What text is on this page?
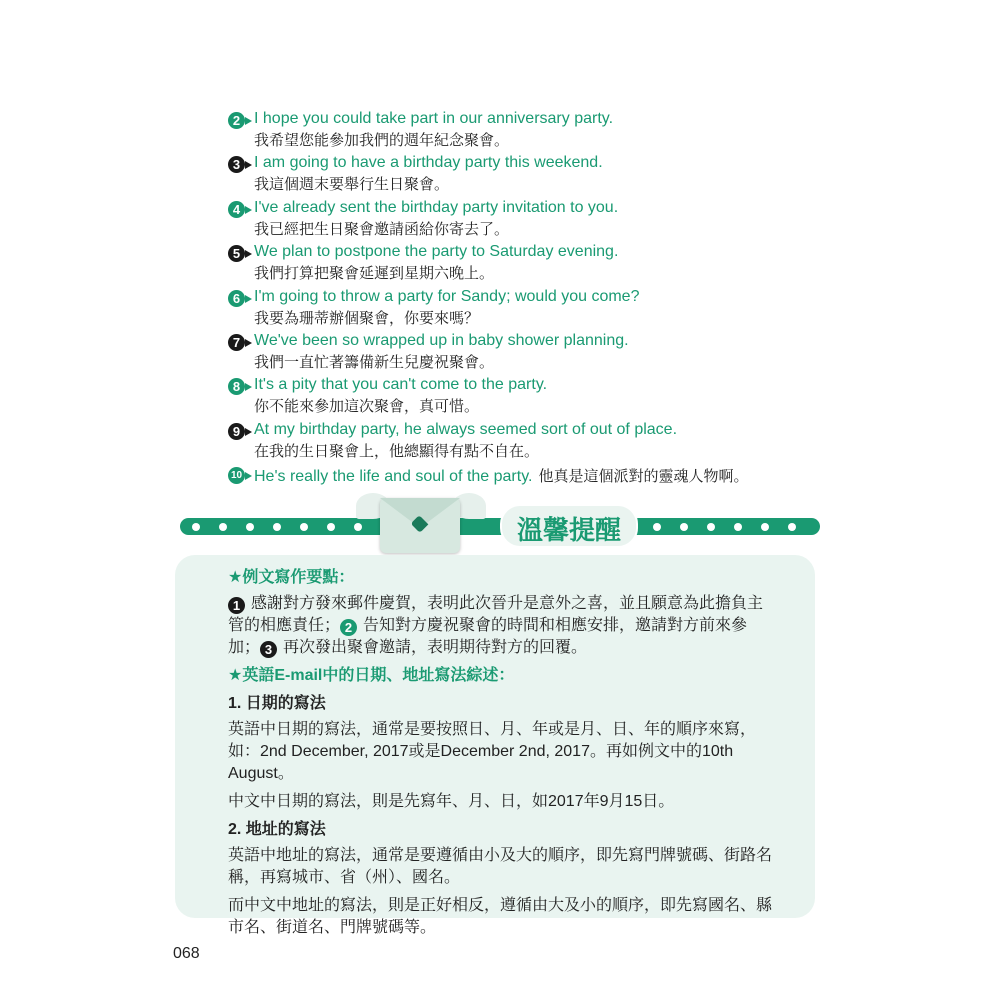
2 I hope you could take part in our anniversary party.
我希望您能參加我們的週年紀念聚會。
3 I am going to have a birthday party this weekend.
我這個週末要舉行生日聚會。
4 I've already sent the birthday party invitation to you.
我已經把生日聚會邀請函給你寄去了。
5 We plan to postpone the party to Saturday evening.
我們打算把聚會延遲到星期六晚上。
6 I'm going to throw a party for Sandy; would you come?
我要為珊蒂辦個聚會，你要來嗎？
7 We've been so wrapped up in baby shower planning.
我們一直忙著籌備新生兒慶祝聚會。
8 It's a pity that you can't come to the party.
你不能來參加這次聚會，真可惜。
9 At my birthday party, he always seemed sort of out of place.
在我的生日聚會上，他總顯得有點不自在。
10 He's really the life and soul of the party. 他真是這個派對的靈魂人物啊。
溫馨提醒
★例文寫作要點：

1 感謝對方發來郵件慶賀，表明此次晉升是意外之喜，並且願意為此擔負主管的相應責任； 2 告知對方慶祝聚會的時間和相應安排，邀請對方前來參加； 3 再次發出聚會邀請，表明期待對方的回覆。

★英語E-mail中的日期、地址寫法綜述：
1. 日期的寫法

英語中日期的寫法，通常是要按照日、月、年或是月、日、年的順序來寫，如：2nd December, 2017或是December 2nd, 2017。再如例文中的10th August。

中文中日期的寫法，則是先寫年、月、日，如2017年9月15日。

2. 地址的寫法

英語中地址的寫法，通常是要遵循由小及大的順序，即先寫門牌號碼、街路名稱，再寫城市、省（州）、國名。

而中文中地址的寫法，則是正好相反，遵循由大及小的順序，即先寫國名、縣市名、街道名、門牌號碼等。

068
